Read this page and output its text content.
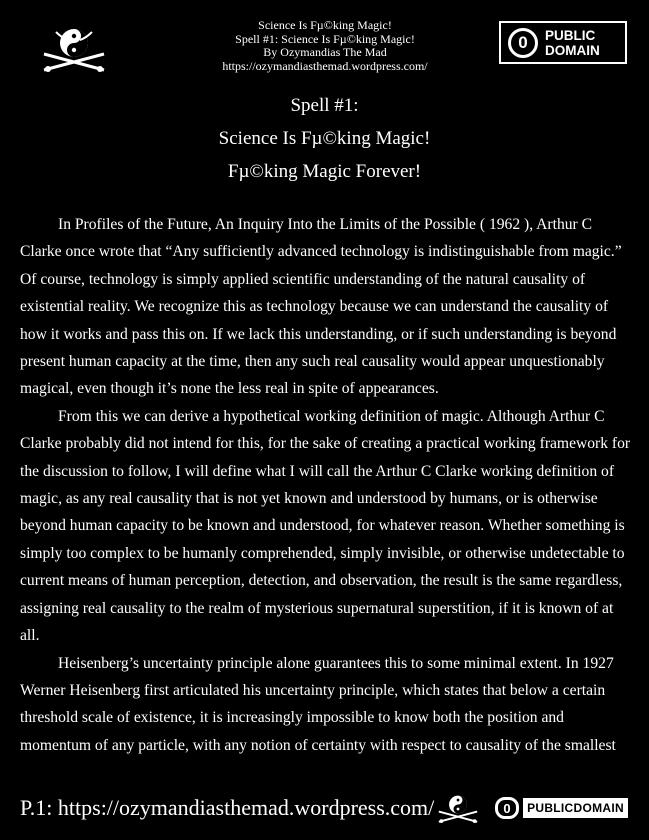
Science Is Fµ©king Magic!
Spell #1: Science Is Fµ©king Magic!
By Ozymandias The Mad
https://ozymandiasthemad.wordpress.com/
0	PUBLIC
DOMAIN
Spell #1:
Science Is Fµ©king Magic!
Fµ©king Magic Forever!

In Profiles of the Future, An Inquiry Into the Limits of the Possible ( 1962 ), Arthur C Clarke once wrote that “Any sufficiently advanced technology is indistinguishable from magic.” Of course, technology is simply applied scientific understanding of the natural causality of existential reality. We recognize this as technology because we can understand the causality of how it works and pass this on. If we lack this understanding, or if such understanding is beyond present human capacity at the time, then any such real causality would appear unquestionably magical, even though it’s none the less real in spite of appearances.

From this we can derive a hypothetical working definition of magic. Although Arthur C Clarke probably did not intend for this, for the sake of creating a practical working framework for the discussion to follow, I will define what I will call the Arthur C Clarke working definition of magic, as any real causality that is not yet known and understood by humans, or is otherwise beyond human capacity to be known and understood, for whatever reason. Whether something is simply too complex to be humanly comprehended, simply invisible, or otherwise undetectable to current means of human perception, detection, and observation, the result is the same regardless, assigning real causality to the realm of mysterious supernatural superstition, if it is known of at all.

Heisenberg’s uncertainty principle alone guarantees this to some minimal extent. In 1927 Werner Heisenberg first articulated his uncertainty principle, which states that below a certain threshold scale of existence, it is increasingly impossible to know both the position and momentum of any particle, with any notion of certainty with respect to causality of the smallest

P.1: https://ozymandiasthemad.wordpress.com/	0	PUBLICDOMAIN
